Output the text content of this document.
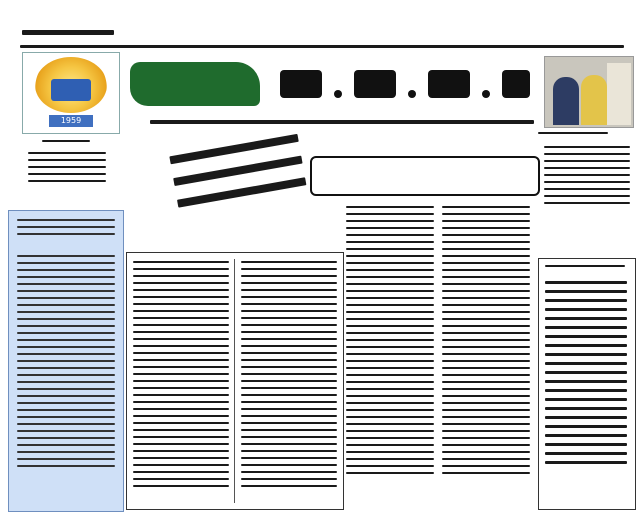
1959
